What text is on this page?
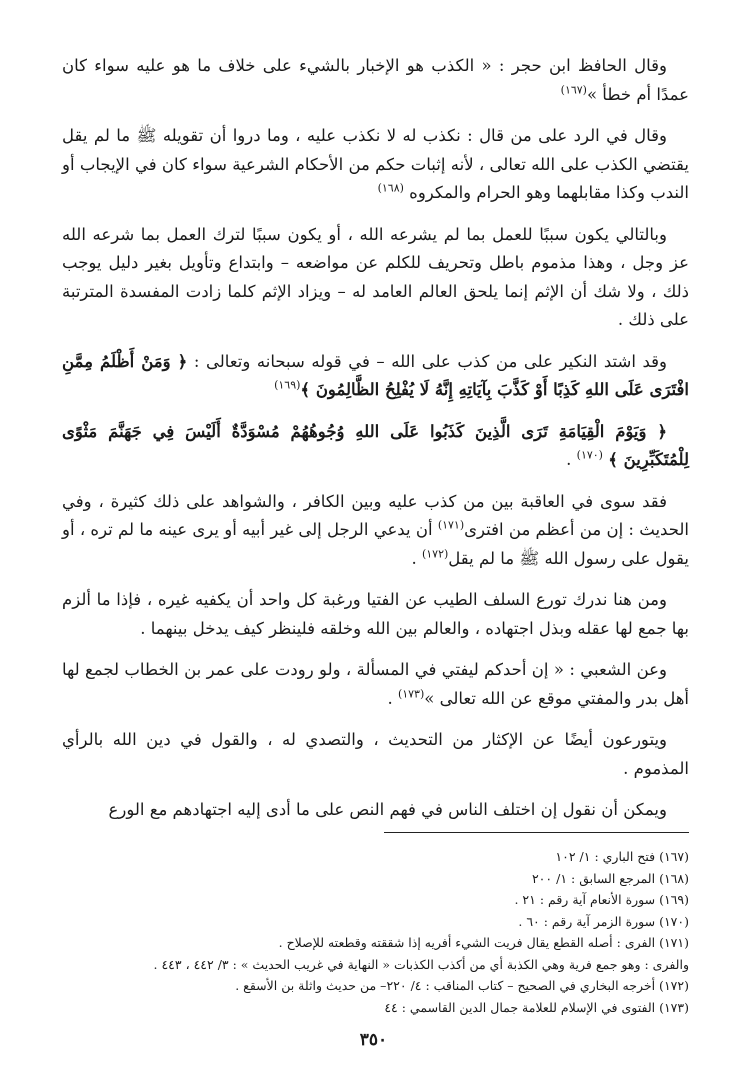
وقال الحافظ ابن حجر : « الكذب هو الإخبار بالشيء على خلاف ما هو عليه سواء كان عمدًا أم خطأ »$^{(١٦٧)}$

وقال في الرد على من قال : نكذب له لا نكذب عليه ، وما دروا أن تقويله ﷺ ما لم يقل يقتضي الكذب على الله تعالى ، لأنه إثبات حكم من الأحكام الشرعية سواء كان في الإيجاب أو الندب وكذا مقابلهما وهو الحرام والمكروه $^{(١٦٨)}$

وبالتالي يكون سببًا للعمل بما لم يشرعه الله ، أو يكون سببًا لترك العمل بما شرعه الله عز وجل ، وهذا مذموم باطل وتحريف للكلم عن مواضعه – وابتداع وتأويل بغير دليل يوجب ذلك ، ولا شك أن الإثم إنما يلحق العالم العامد له – ويزاد الإثم كلما زادت المفسدة المترتبة على ذلك .

وقد اشتد النكير على من كذب على الله – في قوله سبحانه وتعالى : ﴿ وَمَنْ أَظْلَمُ مِمَّنِ افْتَرَى عَلَى اللهِ كَذِبًا أَوْ كَذَّبَ بِآيَاتِهِ إِنَّهُ لَا يُفْلِحُ الظَّالِمُونَ ﴾$^{(١٦٩)}$

﴿ وَيَوْمَ الْقِيَامَةِ تَرَى الَّذِينَ كَذَبُوا عَلَى اللهِ وُجُوهُهُمْ مُسْوَدَّةٌ أَلَيْسَ فِي جَهَنَّمَ مَثْوًى لِلْمُتَكَبِّرِينَ ﴾ $^{(١٧٠)}$ .

فقد سوى في العاقبة بين من كذب عليه وبين الكافر ، والشواهد على ذلك كثيرة ، وفي الحديث : إن من أعظم من افترى$^{(١٧١)}$ أن يدعي الرجل إلى غير أبيه أو يرى عينه ما لم تره ، أو يقول على رسول الله ﷺ ما لم يقل$^{(١٧٢)}$ .

ومن هنا ندرك تورع السلف الطيب عن الفتيا ورغبة كل واحد أن يكفيه غيره ، فإذا ما ألزم بها جمع لها عقله وبذل اجتهاده ، والعالم بين الله وخلقه فلينظر كيف يدخل بينهما .

وعن الشعبي : « إن أحدكم ليفتي في المسألة ، ولو رودت على عمر بن الخطاب لجمع لها أهل بدر والمفتي موقع عن الله تعالى »$^{(١٧٣)}$ .

ويتورعون أيضًا عن الإكثار من التحديث ، والتصدي له ، والقول في دين الله بالرأي المذموم .

ويمكن أن نقول إن اختلف الناس في فهم النص على ما أدى إليه اجتهادهم مع الورع

(١٦٧) فتح الباري : ١/ ١٠٢

(١٦٨) المرجع السابق : ١/ ٢٠٠

(١٦٩) سورة الأنعام آية رقم : ٢١ .

(١٧٠) سورة الزمر آية رقم : ٦٠ .

(١٧١) الفرى : أصله القطع يقال فريت الشيء أفريه إذا شققته وقطعته للإصلاح .

والفرى : وهو جمع فرية وهي الكذبة أي من أكذب الكذبات « النهاية في غريب الحديث » : ٣/ ٤٤٢ ، ٤٤٣ .

(١٧٢) أخرجه البخاري في الصحيح – كتاب المناقب : ٤/ ٢٢٠– من حديث واثلة بن الأسقع .

(١٧٣) الفتوى في الإسلام للعلامة جمال الدين القاسمي : ٤٤

٣٥٠
